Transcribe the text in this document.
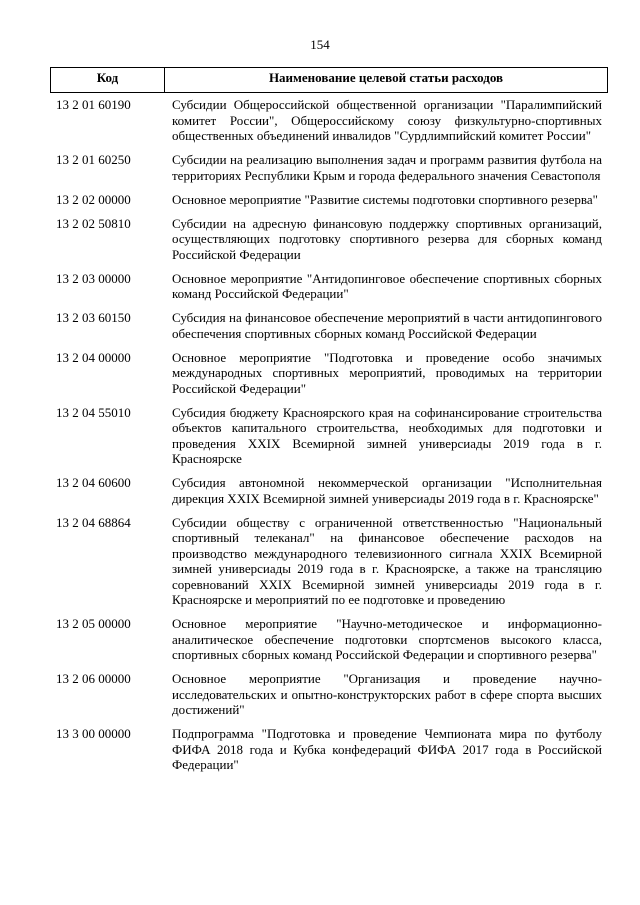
154
Код	Наименование целевой статьи расходов
13 2 01 60190	Субсидии Общероссийской общественной организации "Паралимпийский комитет России", Общероссийскому союзу физкультурно-спортивных общественных объединений инвалидов "Сурдлимпийский комитет России"
13 2 01 60250	Субсидии на реализацию выполнения задач и программ развития футбола на территориях Республики Крым и города федерального значения Севастополя
13 2 02 00000	Основное мероприятие "Развитие системы подготовки спортивного резерва"
13 2 02 50810	Субсидии на адресную финансовую поддержку спортивных организаций, осуществляющих подготовку спортивного резерва для сборных команд Российской Федерации
13 2 03 00000	Основное мероприятие "Антидопинговое обеспечение спортивных сборных команд Российской Федерации"
13 2 03 60150	Субсидия на финансовое обеспечение мероприятий в части антидопингового обеспечения спортивных сборных команд Российской Федерации
13 2 04 00000	Основное мероприятие "Подготовка и проведение особо значимых международных спортивных мероприятий, проводимых на территории Российской Федерации"
13 2 04 55010	Субсидия бюджету Красноярского края на софинансирование строительства объектов капитального строительства, необходимых для подготовки и проведения XXIX Всемирной зимней универсиады 2019 года в г. Красноярске
13 2 04 60600	Субсидия автономной некоммерческой организации "Исполнительная дирекция XXIX Всемирной зимней универсиады 2019 года в г. Красноярске"
13 2 04 68864	Субсидии обществу с ограниченной ответственностью "Национальный спортивный телеканал" на финансовое обеспечение расходов на производство международного телевизионного сигнала XXIX Всемирной зимней универсиады 2019 года в г. Красноярске, а также на трансляцию соревнований XXIX Всемирной зимней универсиады 2019 года в г. Красноярске и мероприятий по ее подготовке и проведению
13 2 05 00000	Основное мероприятие "Научно-методическое и информационно-аналитическое обеспечение подготовки спортсменов высокого класса, спортивных сборных команд Российской Федерации и спортивного резерва"
13 2 06 00000	Основное мероприятие "Организация и проведение научно-исследовательских и опытно-конструкторских работ в сфере спорта высших достижений"
13 3 00 00000	Подпрограмма "Подготовка и проведение Чемпионата мира по футболу ФИФА 2018 года и Кубка конфедераций ФИФА 2017 года в Российской Федерации"
